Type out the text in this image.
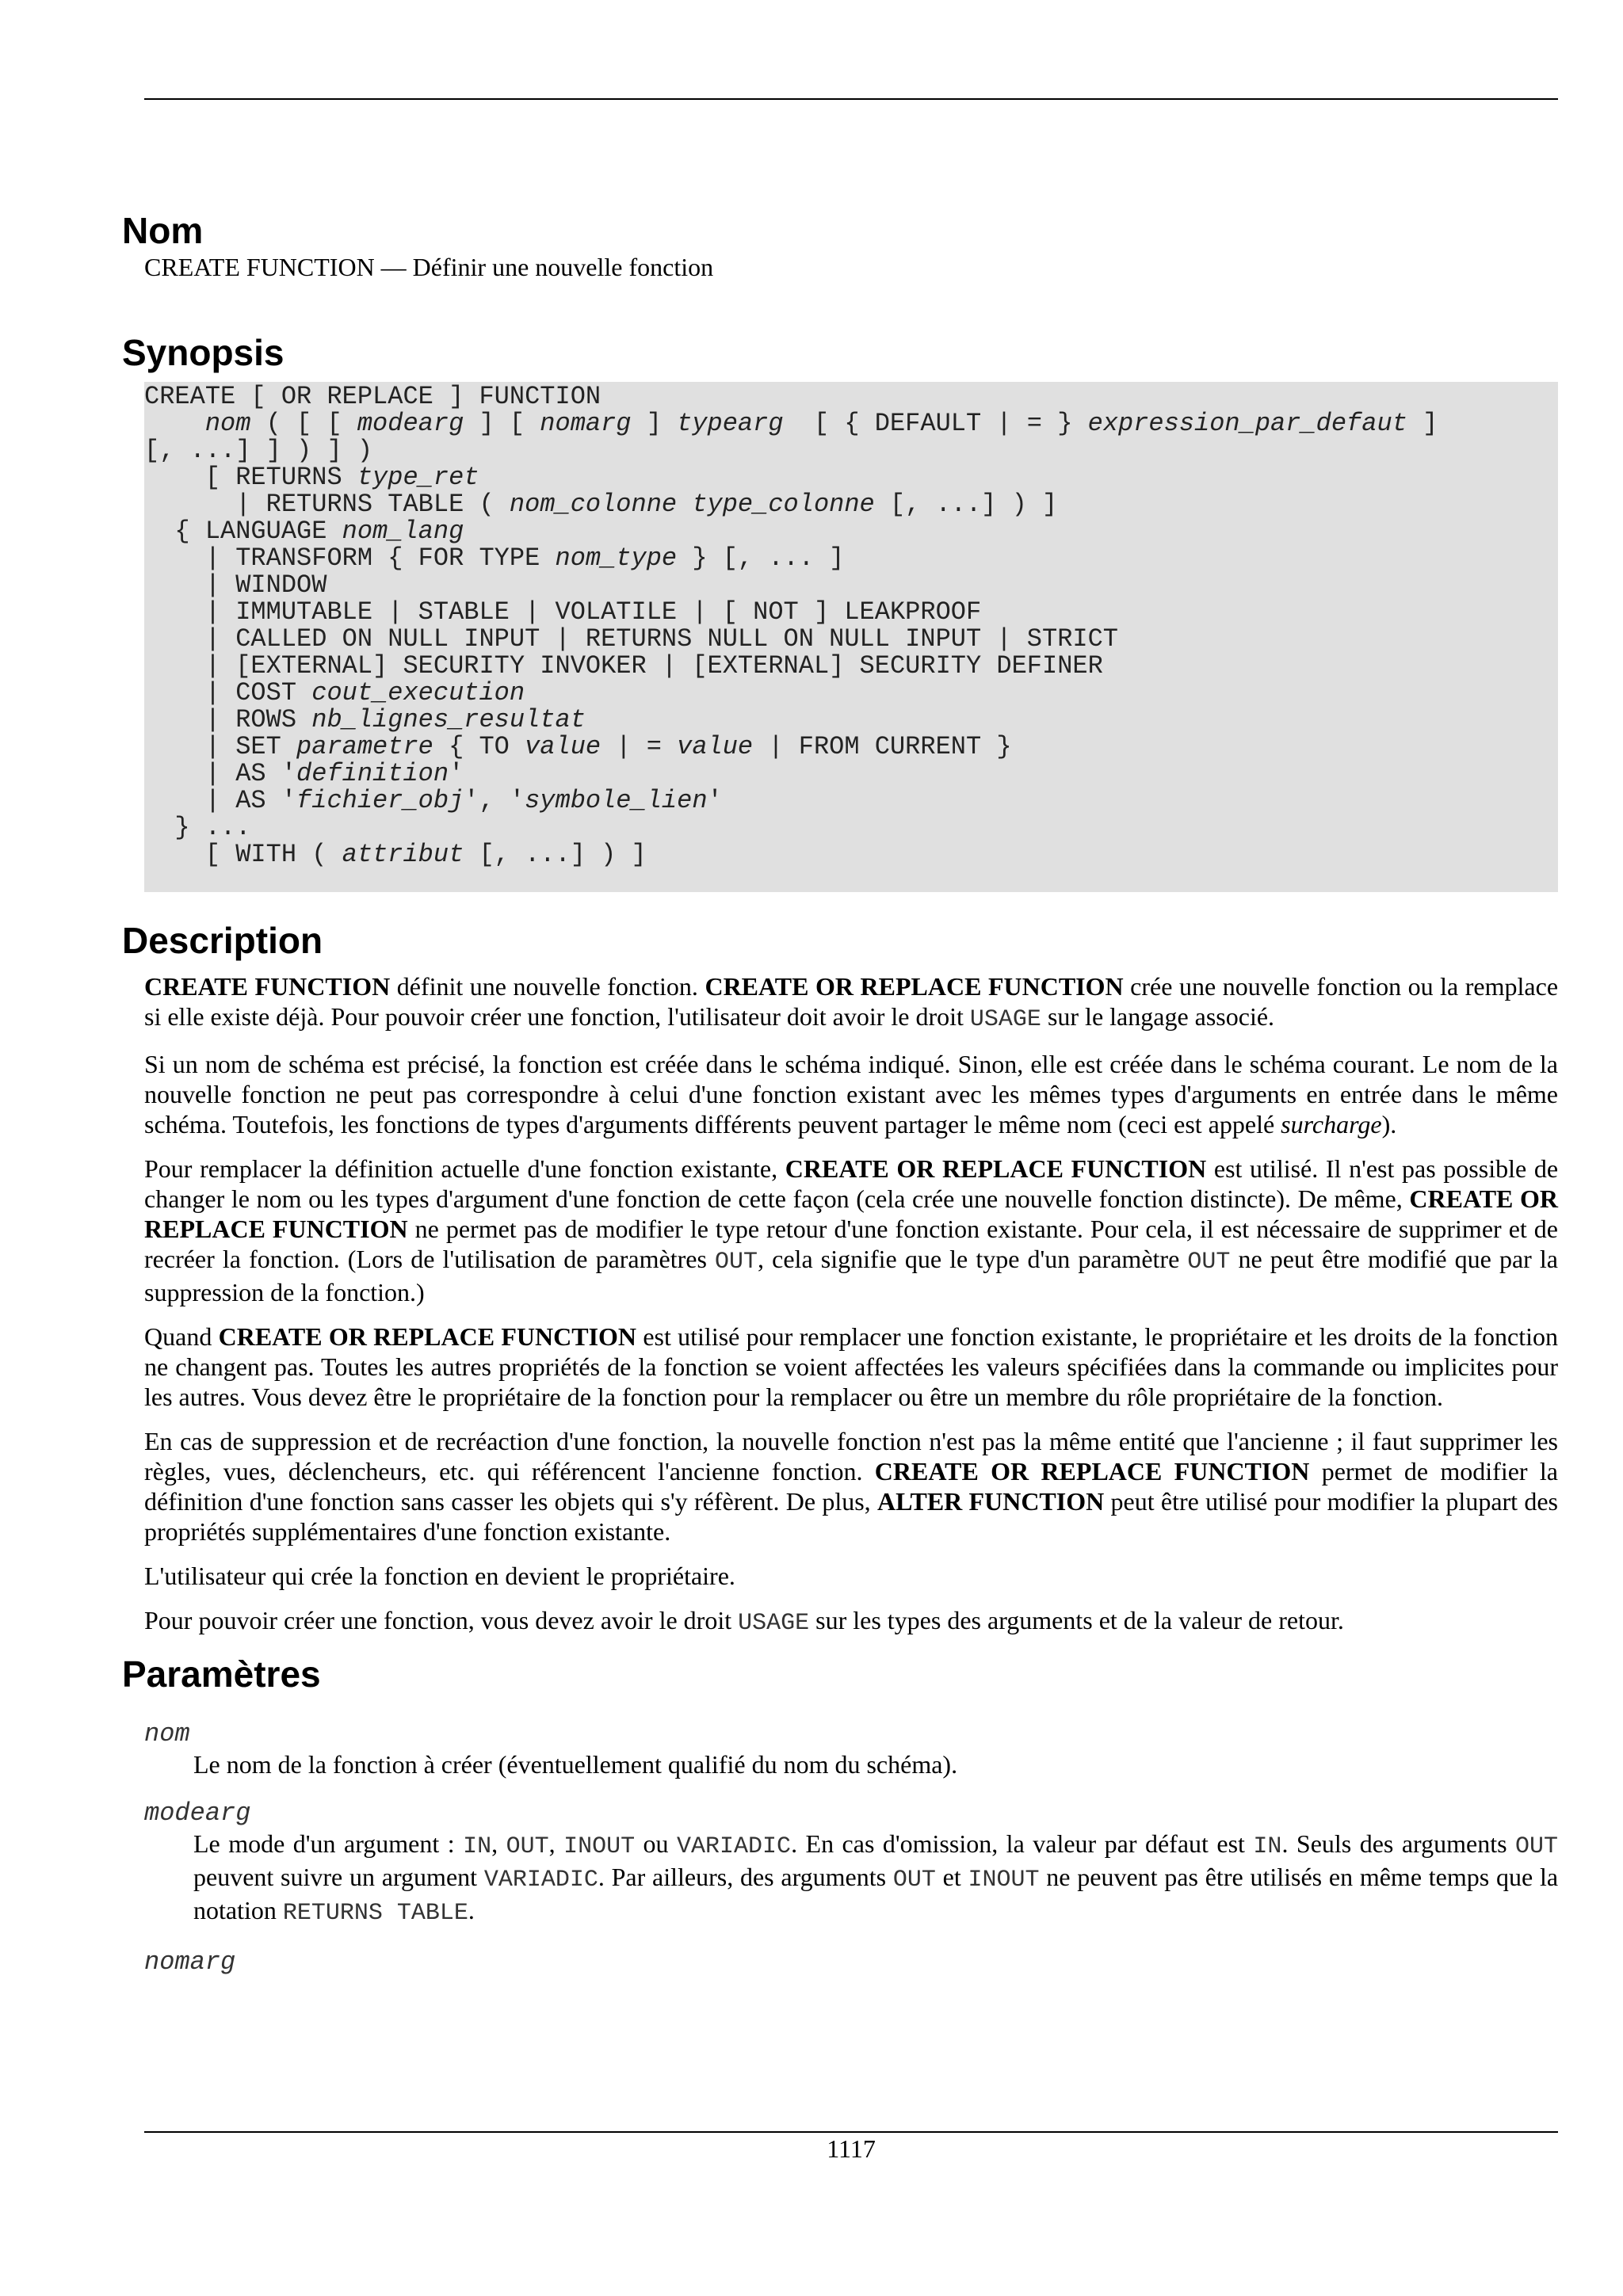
Nom

CREATE FUNCTION — Définir une nouvelle fonction

Synopsis
CREATE [ OR REPLACE ] FUNCTION
nom ( [ [ modearg ] [ nomarg ] typearg  [ { DEFAULT | = } expression_par_defaut ]
[, ...] ] ) ] )
[ RETURNS type_ret
| RETURNS TABLE ( nom_colonne type_colonne [, ...] ) ]
{ LANGUAGE nom_lang
| TRANSFORM { FOR TYPE nom_type } [, ... ]
| WINDOW
| IMMUTABLE | STABLE | VOLATILE | [ NOT ] LEAKPROOF
| CALLED ON NULL INPUT | RETURNS NULL ON NULL INPUT | STRICT
| [EXTERNAL] SECURITY INVOKER | [EXTERNAL] SECURITY DEFINER
| COST cout_execution
| ROWS nb_lignes_resultat
| SET parametre { TO value | = value | FROM CURRENT }
| AS 'definition'
| AS 'fichier_obj', 'symbole_lien'
} ...
[ WITH ( attribut [, ...] ) ]
Description

CREATE FUNCTION définit une nouvelle fonction. CREATE OR REPLACE FUNCTION crée une nouvelle fonction ou la remplace si elle existe déjà. Pour pouvoir créer une fonction, l'utilisateur doit avoir le droit USAGE sur le langage associé.

Si un nom de schéma est précisé, la fonction est créée dans le schéma indiqué. Sinon, elle est créée dans le schéma courant. Le nom de la nouvelle fonction ne peut pas correspondre à celui d'une fonction existant avec les mêmes types d'arguments en entrée dans le même schéma. Toutefois, les fonctions de types d'arguments différents peuvent partager le même nom (ceci est appelé surcharge).

Pour remplacer la définition actuelle d'une fonction existante, CREATE OR REPLACE FUNCTION est utilisé. Il n'est pas possible de changer le nom ou les types d'argument d'une fonction de cette façon (cela crée une nouvelle fonction distincte). De même, CREATE OR REPLACE FUNCTION ne permet pas de modifier le type retour d'une fonction existante. Pour cela, il est nécessaire de supprimer et de recréer la fonction. (Lors de l'utilisation de paramètres OUT, cela signifie que le type d'un paramètre OUT ne peut être modifié que par la suppression de la fonction.)

Quand CREATE OR REPLACE FUNCTION est utilisé pour remplacer une fonction existante, le propriétaire et les droits de la fonction ne changent pas. Toutes les autres propriétés de la fonction se voient affectées les valeurs spécifiées dans la commande ou implicites pour les autres. Vous devez être le propriétaire de la fonction pour la remplacer ou être un membre du rôle propriétaire de la fonction.

En cas de suppression et de recréaction d'une fonction, la nouvelle fonction n'est pas la même entité que l'ancienne ; il faut supprimer les règles, vues, déclencheurs, etc. qui référencent l'ancienne fonction. CREATE OR REPLACE FUNCTION permet de modifier la définition d'une fonction sans casser les objets qui s'y réfèrent. De plus, ALTER FUNCTION peut être utilisé pour modifier la plupart des propriétés supplémentaires d'une fonction existante.

L'utilisateur qui crée la fonction en devient le propriétaire.

Pour pouvoir créer une fonction, vous devez avoir le droit USAGE sur les types des arguments et de la valeur de retour.

Paramètres
nom

Le nom de la fonction à créer (éventuellement qualifié du nom du schéma).

modearg

Le mode d'un argument : IN, OUT, INOUT ou VARIADIC. En cas d'omission, la valeur par défaut est IN. Seuls des arguments OUT peuvent suivre un argument VARIADIC. Par ailleurs, des arguments OUT et INOUT ne peuvent pas être utilisés en même temps que la notation RETURNS TABLE.

nomarg
1117
